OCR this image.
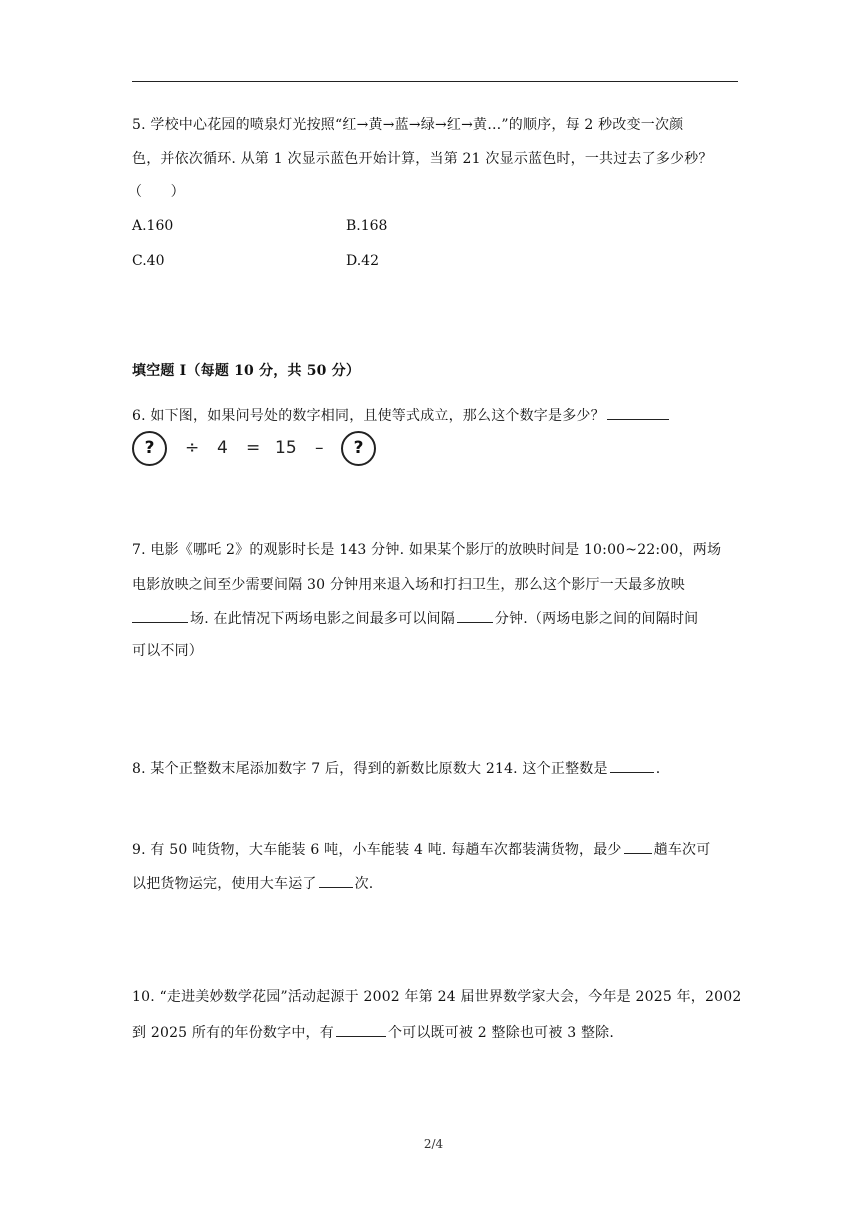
5. 学校中心花园的喷泉灯光按照“红→黄→蓝→绿→红→黄…”的顺序，每 2 秒改变一次颜
色，并依次循环. 从第 1 次显示蓝色开始计算，当第 21 次显示蓝色时，一共过去了多少秒？
（　　）
A.160	B.168
C.40	D.42
填空题 I（每题 10 分，共 50 分）
6. 如下图，如果问号处的数字相同，且使等式成立，那么这个数字是多少？
?	÷ 4 = 15 –	?
7. 电影《哪吒 2》的观影时长是 143 分钟. 如果某个影厅的放映时间是 10:00~22:00，两场
电影放映之间至少需要间隔 30 分钟用来退入场和打扫卫生，那么这个影厅一天最多放映
场. 在此情况下两场电影之间最多可以间隔	分钟.（两场电影之间的间隔时间
可以不同）
8. 某个正整数末尾添加数字 7 后，得到的新数比原数大 214. 这个正整数是	.
9. 有 50 吨货物，大车能装 6 吨，小车能装 4 吨. 每趟车次都装满货物，最少 趟车次可
以把货物运完，使用大车运了	次.
10. “走进美妙数学花园”活动起源于 2002 年第 24 届世界数学家大会，今年是 2025 年，2002
到 2025 所有的年份数字中，有	个可以既可被 2 整除也可被 3 整除.
2/4
